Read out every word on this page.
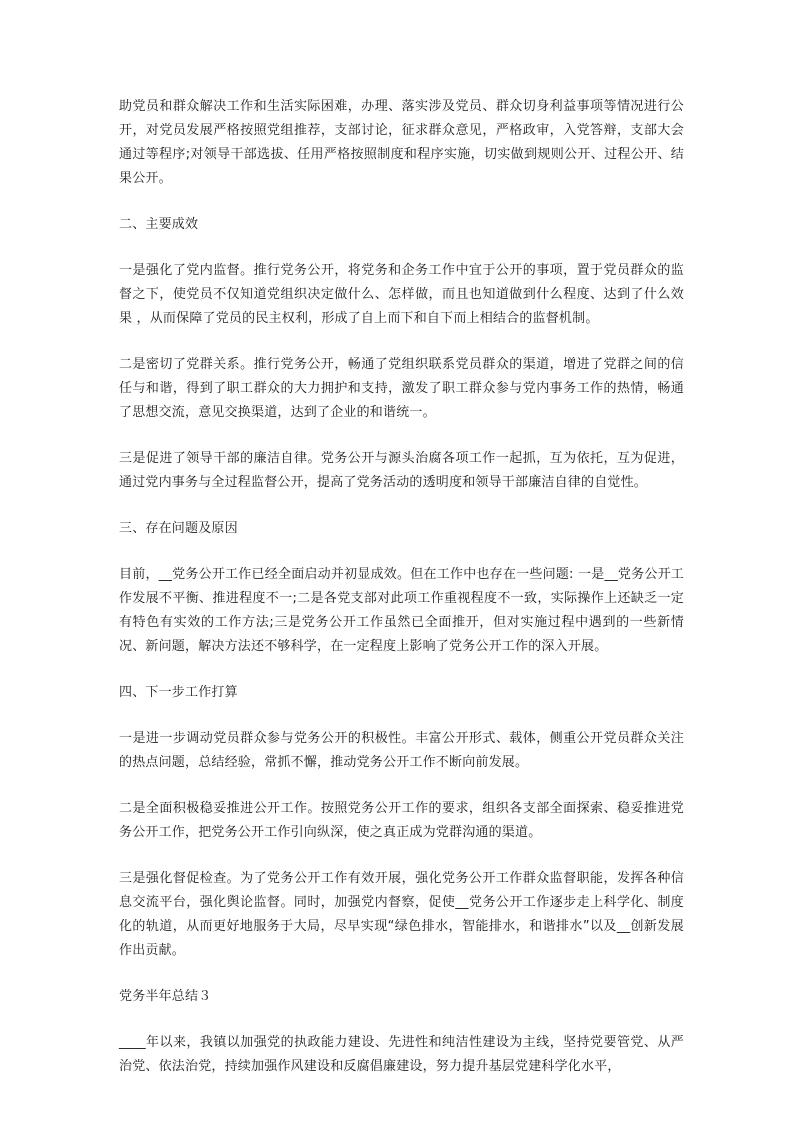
助党员和群众解决工作和生活实际困难，办理、落实涉及党员、群众切身利益事项等情况进行公开，对党员发展严格按照党组推荐，支部讨论，征求群众意见，严格政审，入党答辩，支部大会通过等程序;对领导干部选拔、任用严格按照制度和程序实施，切实做到规则公开、过程公开、结果公开。

二、主要成效

一是强化了党内监督。推行党务公开，将党务和企务工作中宜于公开的事项，置于党员群众的监督之下，使党员不仅知道党组织决定做什么、怎样做，而且也知道做到什么程度、达到了什么效果 ，从而保障了党员的民主权利，形成了自上而下和自下而上相结合的监督机制。

二是密切了党群关系。推行党务公开，畅通了党组织联系党员群众的渠道，增进了党群之间的信任与和谐，得到了职工群众的大力拥护和支持，激发了职工群众参与党内事务工作的热情，畅通了思想交流，意见交换渠道，达到了企业的和谐统一。

三是促进了领导干部的廉洁自律。党务公开与源头治腐各项工作一起抓，互为依托，互为促进，通过党内事务与全过程监督公开，提高了党务活动的透明度和领导干部廉洁自律的自觉性。

三、存在问题及原因

目前，__党务公开工作已经全面启动并初显成效。但在工作中也存在一些问题: 一是__党务公开工作发展不平衡、推进程度不一;二是各党支部对此项工作重视程度不一致，实际操作上还缺乏一定有特色有实效的工作方法;三是党务公开工作虽然已全面推开，但对实施过程中遇到的一些新情况、新问题，解决方法还不够科学，在一定程度上影响了党务公开工作的深入开展。

四、下一步工作打算

一是进一步调动党员群众参与党务公开的积极性。丰富公开形式、载体，侧重公开党员群众关注的热点问题，总结经验，常抓不懈，推动党务公开工作不断向前发展。

二是全面积极稳妥推进公开工作。按照党务公开工作的要求，组织各支部全面探索、稳妥推进党务公开工作，把党务公开工作引向纵深，使之真正成为党群沟通的渠道。

三是强化督促检查。为了党务公开工作有效开展，强化党务公开工作群众监督职能，发挥各种信息交流平台，强化舆论监督。同时，加强党内督察，促使__党务公开工作逐步走上科学化、制度化的轨道，从而更好地服务于大局，尽早实现“绿色排水，智能排水，和谐排水”以及__创新发展作出贡献。

党务半年总结３

____年以来，我镇以加强党的执政能力建设、先进性和纯洁性建设为主线，坚持党要管党、从严治党、依法治党，持续加强作风建设和反腐倡廉建设，努力提升基层党建科学化水平，
